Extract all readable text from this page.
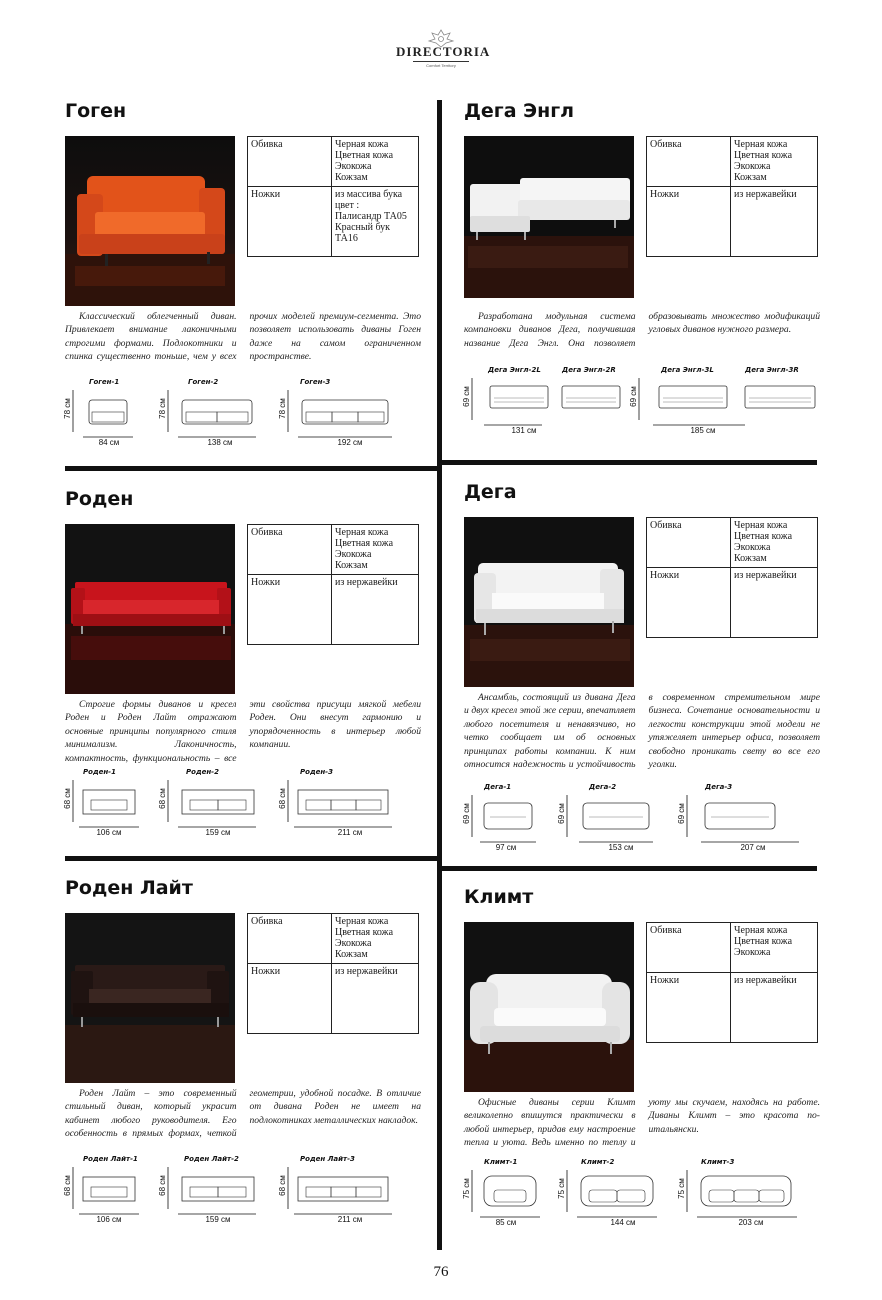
DIRECTORIA
Comfort Territory
Гоген
Обивка	Черная кожа
Цветная кожа
Экокожа
Кожзам

Ножки	из массива бука
цвет :
Палисандр ТА05
Красный бук ТА16
Классический облегченный диван. Привлекает внимание лаконичными строгими формами. Подлокотники и спинка существенно тоньше, чем у всех прочих моделей премиум-сегмента. Это позволяет использовать диваны Гоген даже на самом ограниченном пространстве.
Гоген-1
78 см
84 см
Гоген-2
78 см
138 см
Гоген-3
78 см
192 см
Дега Энгл
Обивка	Черная кожа
Цветная кожа
Экокожа
Кожзам

Ножки	из нержавейки
Разработана модульная система компановки диванов Дега, получившая название Дега Энгл. Она позволяет образовывать множество модификаций угловых диванов нужного размера.
Дега Энгл-2L
69 см
Дега Энгл-2R
131 см
Дега Энгл-3L
69 см
Дега Энгл-3R
185 см
Роден
Обивка	Черная кожа
Цветная кожа
Экокожа
Кожзам

Ножки	из нержавейки
Строгие формы диванов и кресел Роден и Роден Лайт отражают основные принципы популярного стиля минимализм. Лаконичность, компактность, функциональность – все эти свойства присущи мягкой мебели Роден. Они внесут гармонию и упорядоченность в интерьер любой компании.
Роден-1
68 см
106 см
Роден-2
68 см
159 см
Роден-3
68 см
211 см
Дега
Обивка	Черная кожа
Цветная кожа
Экокожа
Кожзам

Ножки	из нержавейки
Ансамбль, состоящий из дивана Дега и двух кресел этой же серии, впечатляет любого посетителя и ненавязчиво, но четко сообщает им об основных принципах работы компании. К ним относится надежность и устойчивость в современном стремительном мире бизнеса. Сочетание основательности и легкости конструкции этой модели не утяжеляет интерьер офиса, позволяет свободно проникать свету во все его уголки.
Дега-1
69 см
97 см
Дега-2
69 см
153 см
Дега-3
69 см
207 см
Роден Лайт
Обивка	Черная кожа
Цветная кожа
Экокожа
Кожзам

Ножки	из нержавейки
Роден Лайт – это современный стильный диван, который украсит кабинет любого руководителя. Его особенность в прямых формах, четкой геометрии, удобной посадке. В отличие от дивана Роден не имеет на подлокотниках металлических накладок.
Роден Лайт-1
68 см
106 см
Роден Лайт-2
68 см
159 см
Роден Лайт-3
68 см
211 см
Климт
Обивка	Черная кожа
Цветная кожа
Экокожа

Ножки	из нержавейки
Офисные диваны серии Климт великолепно впишутся практически в любой интерьер, придав ему настроение тепла и уюта. Ведь именно по теплу и уюту мы скучаем, находясь на работе. Диваны Климт – это красота по-итальянски.
Климт-1
75 см
85 см
Климт-2
75 см
144 см
Климт-3
75 см
203 см
76
